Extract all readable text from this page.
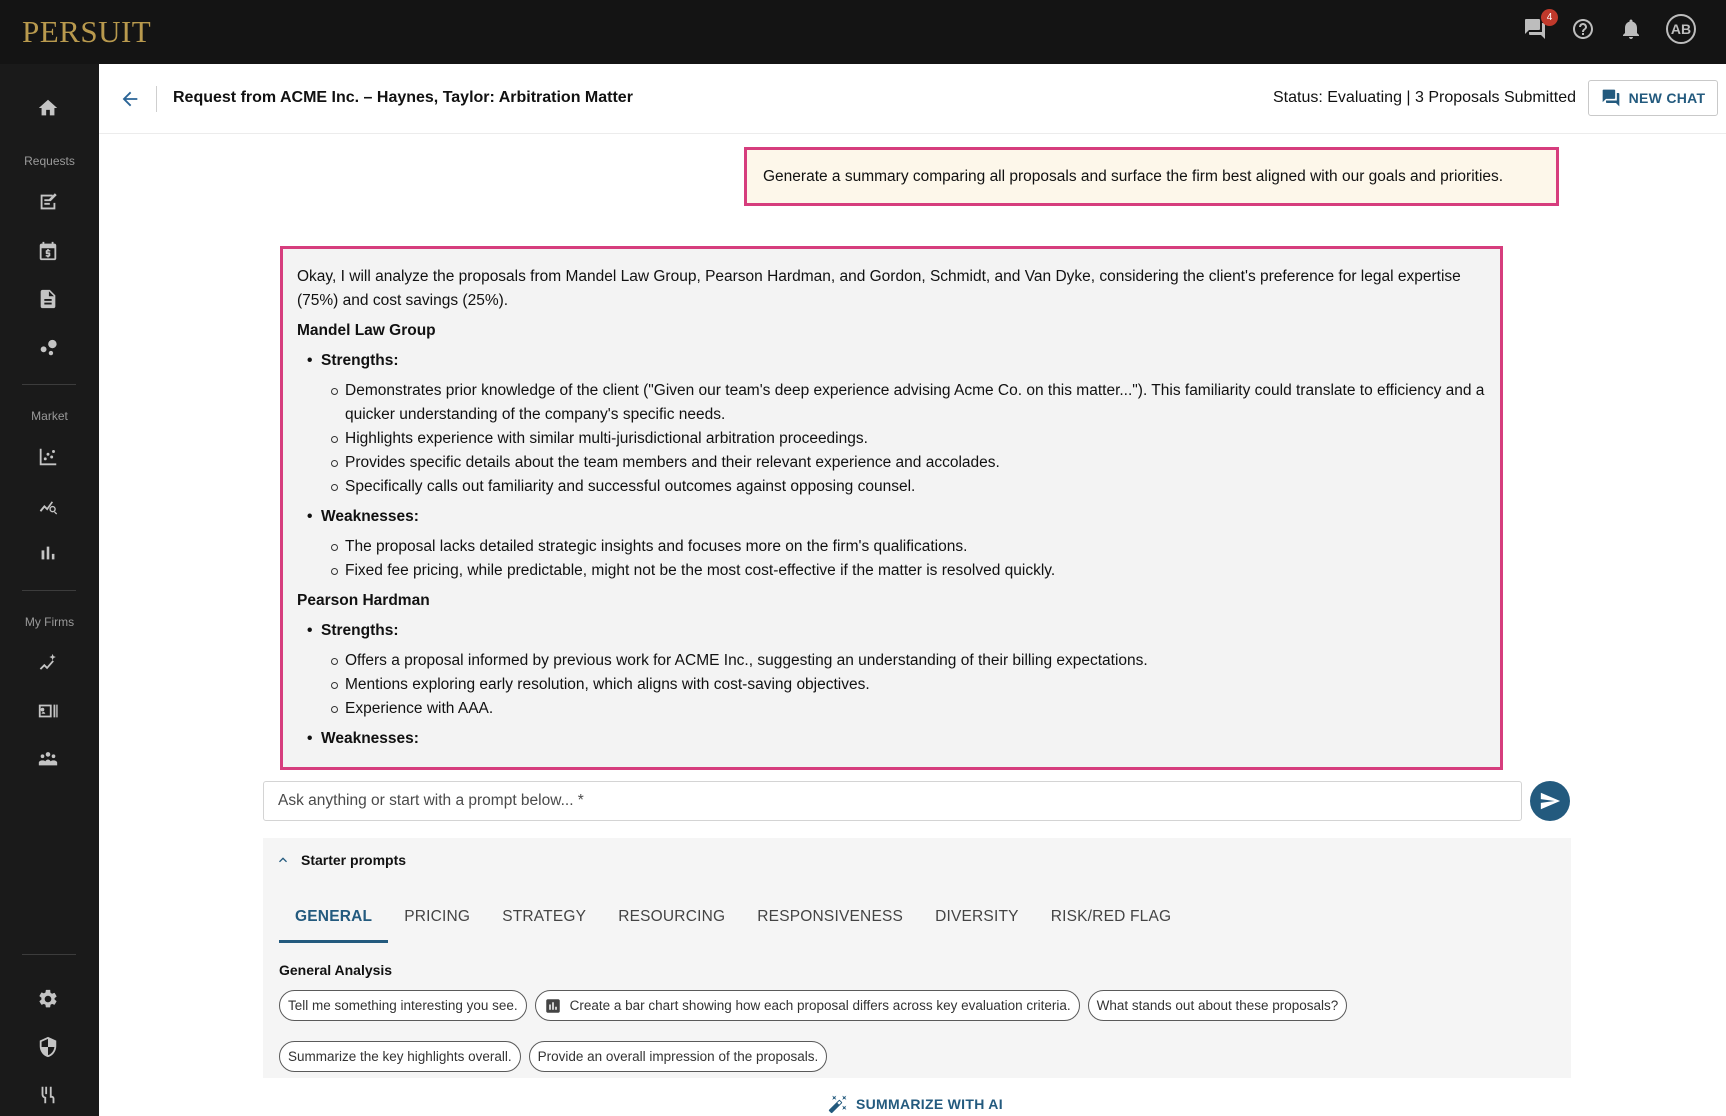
PERSUIT	4
AB
Requests
Market
My Firms
Request from ACME Inc. – Haynes, Taylor: Arbitration Matter	Status: Evaluating | 3 Proposals Submitted	NEW CHAT
Generate a summary comparing all proposals and surface the firm best aligned with our goals and priorities.

Okay, I will analyze the proposals from Mandel Law Group, Pearson Hardman, and Gordon, Schmidt, and Van Dyke, considering the client's preference for legal expertise (75%) and cost savings (25%).

Mandel Law Group
• Strengths:
Demonstrates prior knowledge of the client ("Given our team's deep experience advising Acme Co. on this matter..."). This familiarity could translate to efficiency and a quicker understanding of the company's specific needs.
Highlights experience with similar multi-jurisdictional arbitration proceedings.
Provides specific details about the team members and their relevant experience and accolades.
Specifically calls out familiarity and successful outcomes against opposing counsel.
• Weaknesses:
The proposal lacks detailed strategic insights and focuses more on the firm's qualifications.
Fixed fee pricing, while predictable, might not be the most cost-effective if the matter is resolved quickly.
Pearson Hardman
• Strengths:
Offers a proposal informed by previous work for ACME Inc., suggesting an understanding of their billing expectations.
Mentions exploring early resolution, which aligns with cost-saving objectives.
Experience with AAA.
• Weaknesses:
Ask anything or start with a prompt below... *
Starter prompts
GENERAL	PRICING	STRATEGY	RESOURCING	RESPONSIVENESS	DIVERSITY	RISK/RED FLAG
General Analysis
Tell me something interesting you see.	Create a bar chart showing how each proposal differs across key evaluation criteria. What stands out about these proposals?
Summarize the key highlights overall. Provide an overall impression of the proposals.
SUMMARIZE WITH AI
